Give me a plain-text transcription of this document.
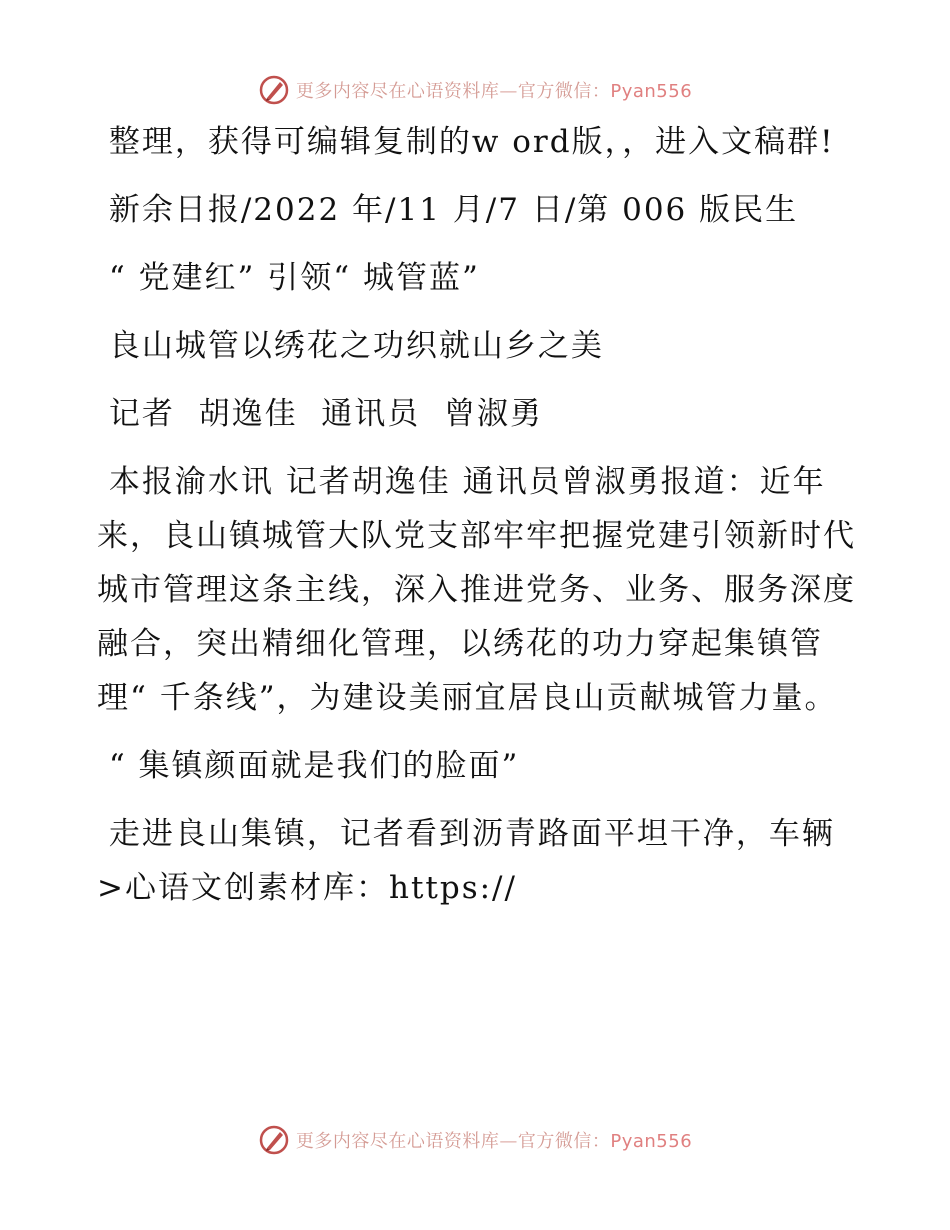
更多内容尽在心语资料库—官方微信：Pyan556

整理，获得可编辑复制的w ord版，，进入文稿群!

新余日报/2022 年/11 月/7 日/第 006 版民生

“ 党建红” 引领“ 城管蓝”

良山城管以绣花之功织就山乡之美

记者  胡逸佳  通讯员  曾淑勇

本报渝水讯 记者胡逸佳 通讯员曾淑勇报道：近年来，良山镇城管大队党支部牢牢把握党建引领新时代城市管理这条主线，深入推进党务、业务、服务深度融合，突出精细化管理，以绣花的功力穿起集镇管理“ 千条线”，为建设美丽宜居良山贡献城管力量。

“ 集镇颜面就是我们的脸面”

走进良山集镇，记者看到沥青路面平坦干净，车辆>心语文创素材库：https://

更多内容尽在心语资料库—官方微信：Pyan556
